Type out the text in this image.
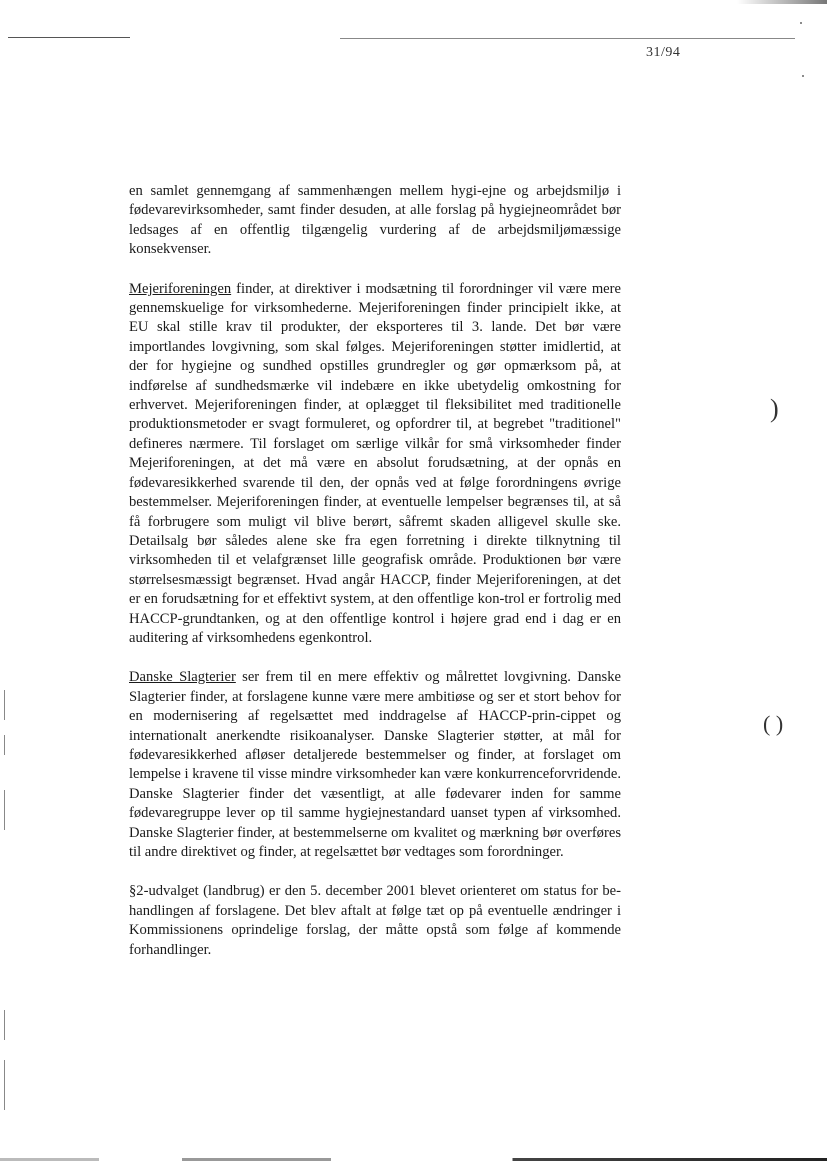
31/94
)
( )

en samlet gennemgang af sammenhængen mellem hygi-ejne og arbejdsmiljø i fødevarevirksomheder, samt finder desuden, at alle forslag på hygiejneområdet bør ledsages af en offentlig tilgængelig vurdering af de arbejdsmiljømæssige konsekvenser.

Mejeriforeningen finder, at direktiver i modsætning til forordninger vil være mere gennemskuelige for virksomhederne. Mejeriforeningen finder principielt ikke, at EU skal stille krav til produkter, der eksporteres til 3. lande. Det bør være importlandes lovgivning, som skal følges. Mejeriforeningen støtter imidlertid, at der for hygiejne og sundhed opstilles grundregler og gør opmærksom på, at indførelse af sundhedsmærke vil indebære en ikke ubetydelig omkostning for erhvervet. Mejeriforeningen finder, at oplægget til fleksibilitet med traditionelle produktionsmetoder er svagt formuleret, og opfordrer til, at begrebet "traditionel" defineres nærmere. Til forslaget om særlige vilkår for små virksomheder finder Mejeriforeningen, at det må være en absolut forudsætning, at der opnås en fødevaresikkerhed svarende til den, der opnås ved at følge forordningens øvrige bestemmelser. Mejeriforeningen finder, at eventuelle lempelser begrænses til, at så få forbrugere som muligt vil blive berørt, såfremt skaden alligevel skulle ske. Detailsalg bør således alene ske fra egen forretning i direkte tilknytning til virksomheden til et velafgrænset lille geografisk område. Produktionen bør være størrelsesmæssigt begrænset. Hvad angår HACCP, finder Mejeriforeningen, at det er en forudsætning for et effektivt system, at den offentlige kon-trol er fortrolig med HACCP-grundtanken, og at den offentlige kontrol i højere grad end i dag er en auditering af virksomhedens egenkontrol.

Danske Slagterier ser frem til en mere effektiv og målrettet lovgivning. Danske Slagterier finder, at forslagene kunne være mere ambitiøse og ser et stort behov for en modernisering af regelsættet med inddragelse af HACCP-prin-cippet og internationalt anerkendte risikoanalyser. Danske Slagterier støtter, at mål for fødevaresikkerhed afløser detaljerede bestemmelser og finder, at forslaget om lempelse i kravene til visse mindre virksomheder kan være konkurrenceforvridende. Danske Slagterier finder det væsentligt, at alle fødevarer inden for samme fødevaregruppe lever op til samme hygiejnestandard uanset typen af virksomhed. Danske Slagterier finder, at bestemmelserne om kvalitet og mærkning bør overføres til andre direktivet og finder, at regelsættet bør vedtages som forordninger.

§2-udvalget (landbrug) er den 5. december 2001 blevet orienteret om status for be-handlingen af forslagene. Det blev aftalt at følge tæt op på eventuelle ændringer i Kommissionens oprindelige forslag, der måtte opstå som følge af kommende forhandlinger.
